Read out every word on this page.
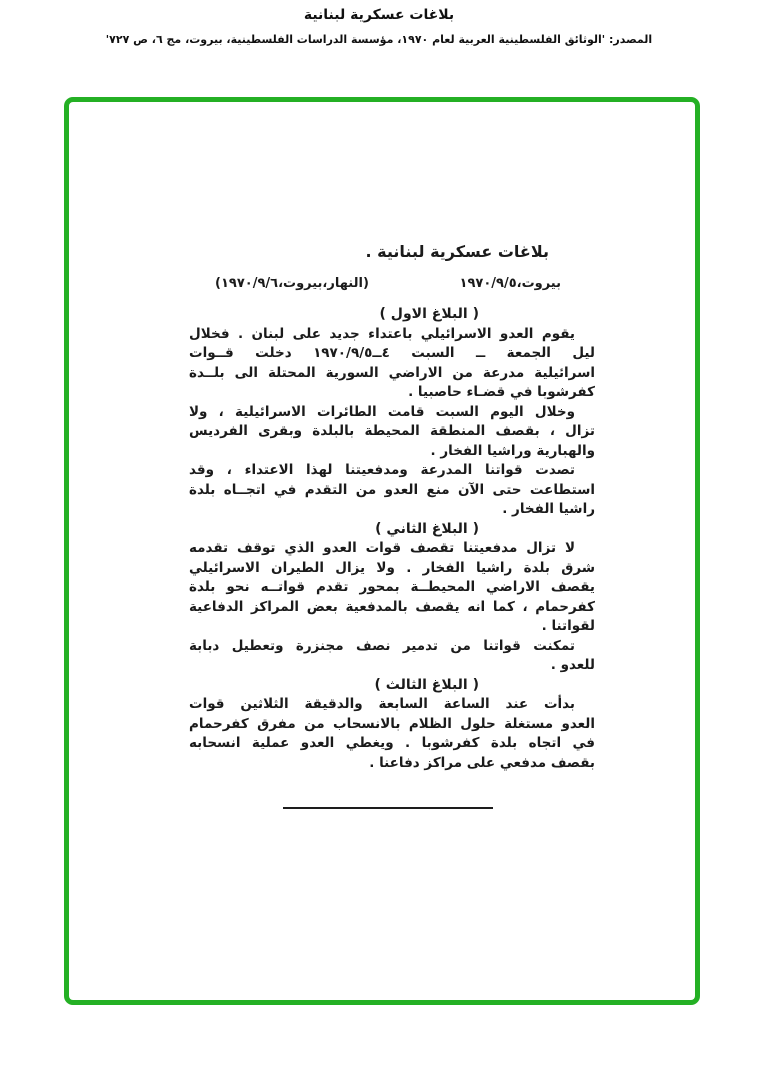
بلاغات عسكرية لبنانية
المصدر: 'الوثائق الفلسطينية العربية لعام ١٩٧٠، مؤسسة الدراسات الفلسطينية، بيروت، مج ٦، ص ٧٢٧'
بلاغات عسكرية لبنانية .
بيروت،١٩٧٠/٩/٥
(النهار،بيروت،١٩٧٠/٩/٦)
( البلاغ الاول )
يقوم العدو الاسرائيلي باعتداء جديد على لبنان . فخلال
ليل الجمعة ــ السبت ٤ــ١٩٧٠/٩/٥ دخلت قــوات
اسرائيلية مدرعة من الاراضي السورية المحتلة الى بلــدة
كفرشوبا في قضـاء حاصبيا .
وخلال اليوم السبت قامت الطائرات الاسرائيلية ، ولا
تزال ، بقصف المنطقة المحيطة بالبلدة وبقرى الفرديس
والهبارية وراشيا الفخار .
تصدت قواتنا المدرعة ومدفعيتنا لهذا الاعتداء ، وقد
استطاعت حتى الآن منع العدو من التقدم في اتجــاه بلدة
راشيا الفخار .
( البلاغ الثاني )
لا تزال مدفعيتنا تقصف قوات العدو الذي توقف تقدمه
شرق بلدة راشيا الفخار . ولا يزال الطيران الاسرائيلي
يقصف الاراضي المحيطــة بمحور تقدم قواتــه نحو بلدة
كفرحمام ، كما انه يقصف بالمدفعية بعض المراكز الدفاعية
لقواتنا .
تمكنت قواتنا من تدمير نصف مجنزرة وتعطيل دبابة
للعدو .
( البلاغ الثالث )
بدأت عند الساعة السابعة والدقيقة الثلاثين قوات
العدو مستغلة حلول الظلام بالانسحاب من مفرق كفرحمام
في اتجاه بلدة كفرشوبا . ويغطي العدو عملية انسحابه
بقصف مدفعي على مراكز دفاعنا .
